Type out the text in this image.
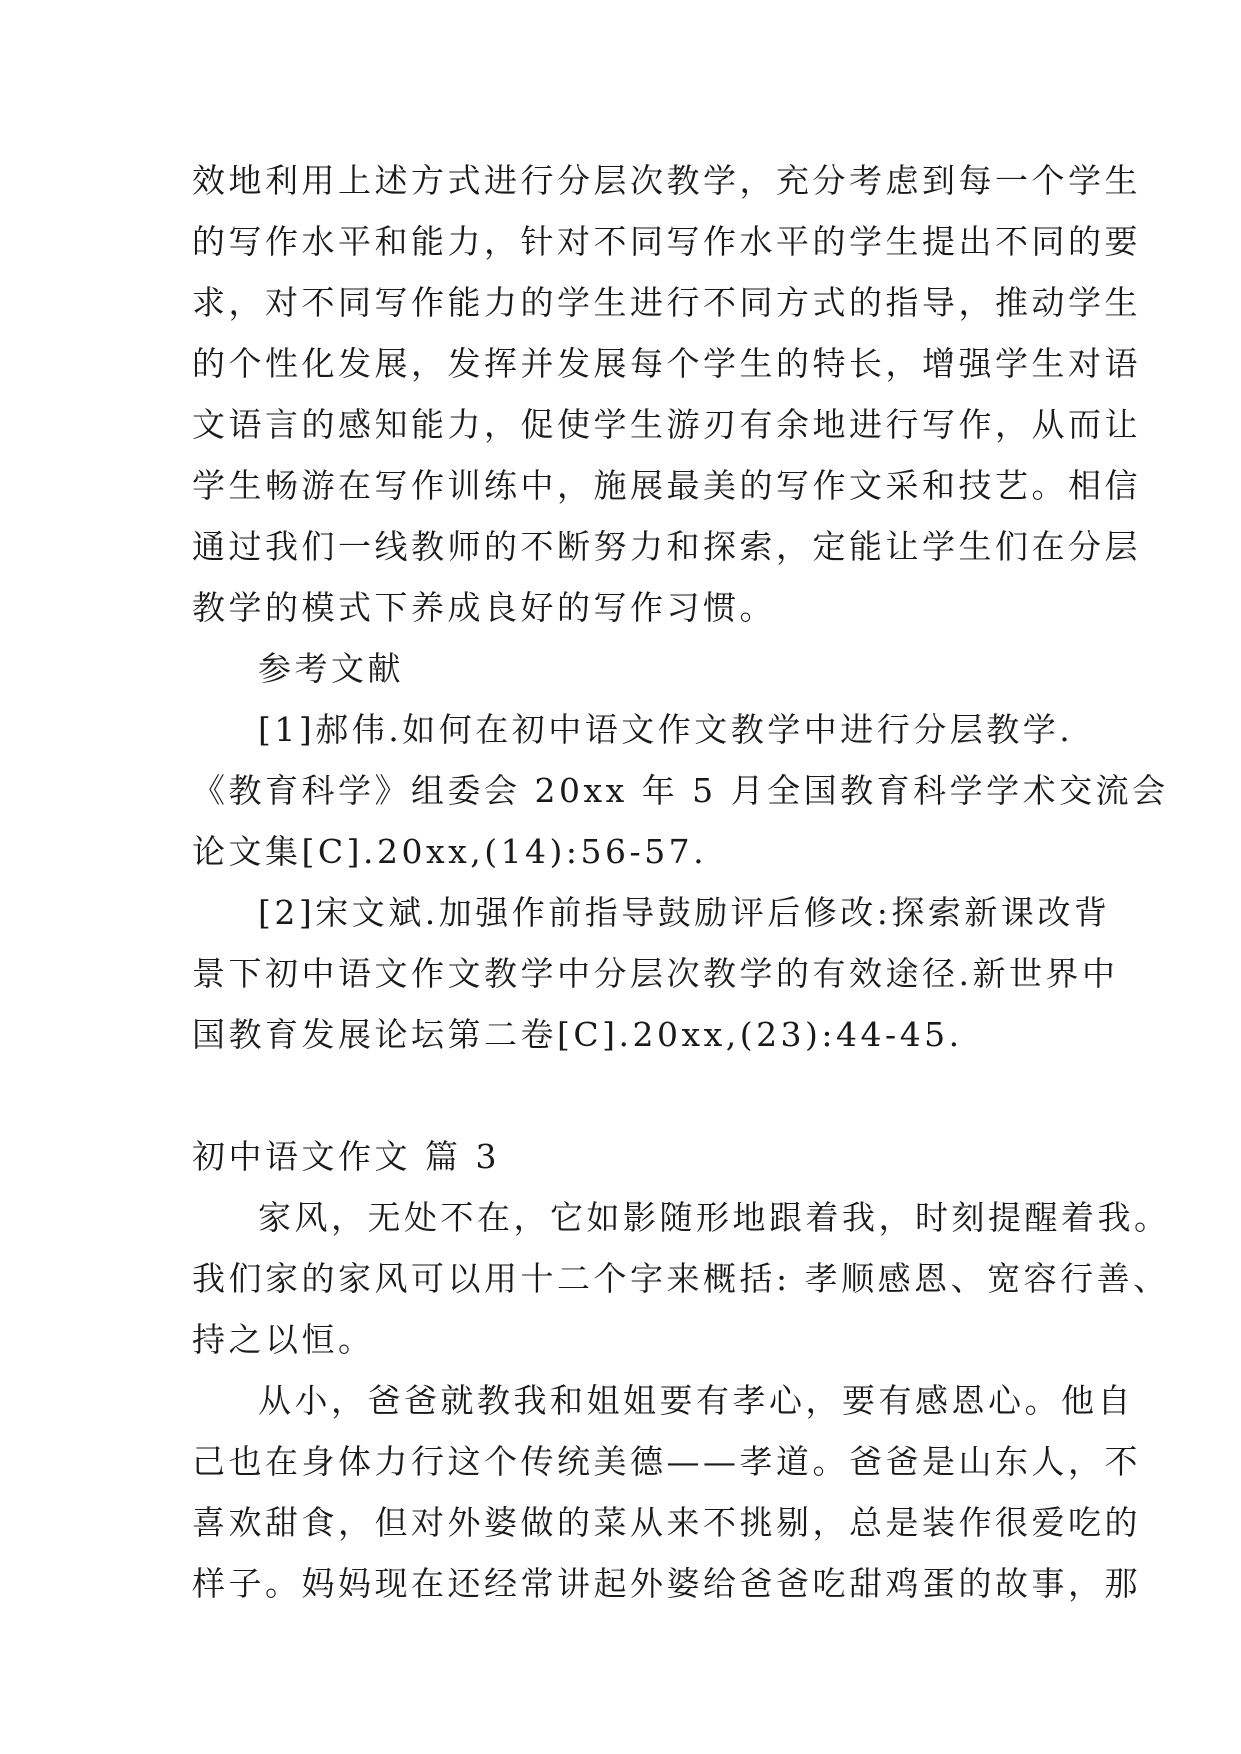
效地利用上述方式进行分层次教学，充分考虑到每一个学生
的写作水平和能力，针对不同写作水平的学生提出不同的要
求，对不同写作能力的学生进行不同方式的指导，推动学生
的个性化发展，发挥并发展每个学生的特长，增强学生对语
文语言的感知能力，促使学生游刃有余地进行写作，从而让
学生畅游在写作训练中，施展最美的写作文采和技艺。相信
通过我们一线教师的不断努力和探索，定能让学生们在分层
教学的模式下养成良好的写作习惯。
参考文献
[1]郝伟.如何在初中语文作文教学中进行分层教学.
《教育科学》组委会 20xx 年 5 月全国教育科学学术交流会
论文集[C].20xx,(14):56-57.
[2]宋文斌.加强作前指导鼓励评后修改:探索新课改背
景下初中语文作文教学中分层次教学的有效途径.新世界中
国教育发展论坛第二卷[C].20xx,(23):44-45.
初中语文作文 篇 3
家风，无处不在，它如影随形地跟着我，时刻提醒着我。
我们家的家风可以用十二个字来概括: 孝顺感恩、宽容行善、
持之以恒。
从小，爸爸就教我和姐姐要有孝心，要有感恩心。他自
己也在身体力行这个传统美德——孝道。爸爸是山东人，不
喜欢甜食，但对外婆做的菜从来不挑剔，总是装作很爱吃的
样子。妈妈现在还经常讲起外婆给爸爸吃甜鸡蛋的故事，那
